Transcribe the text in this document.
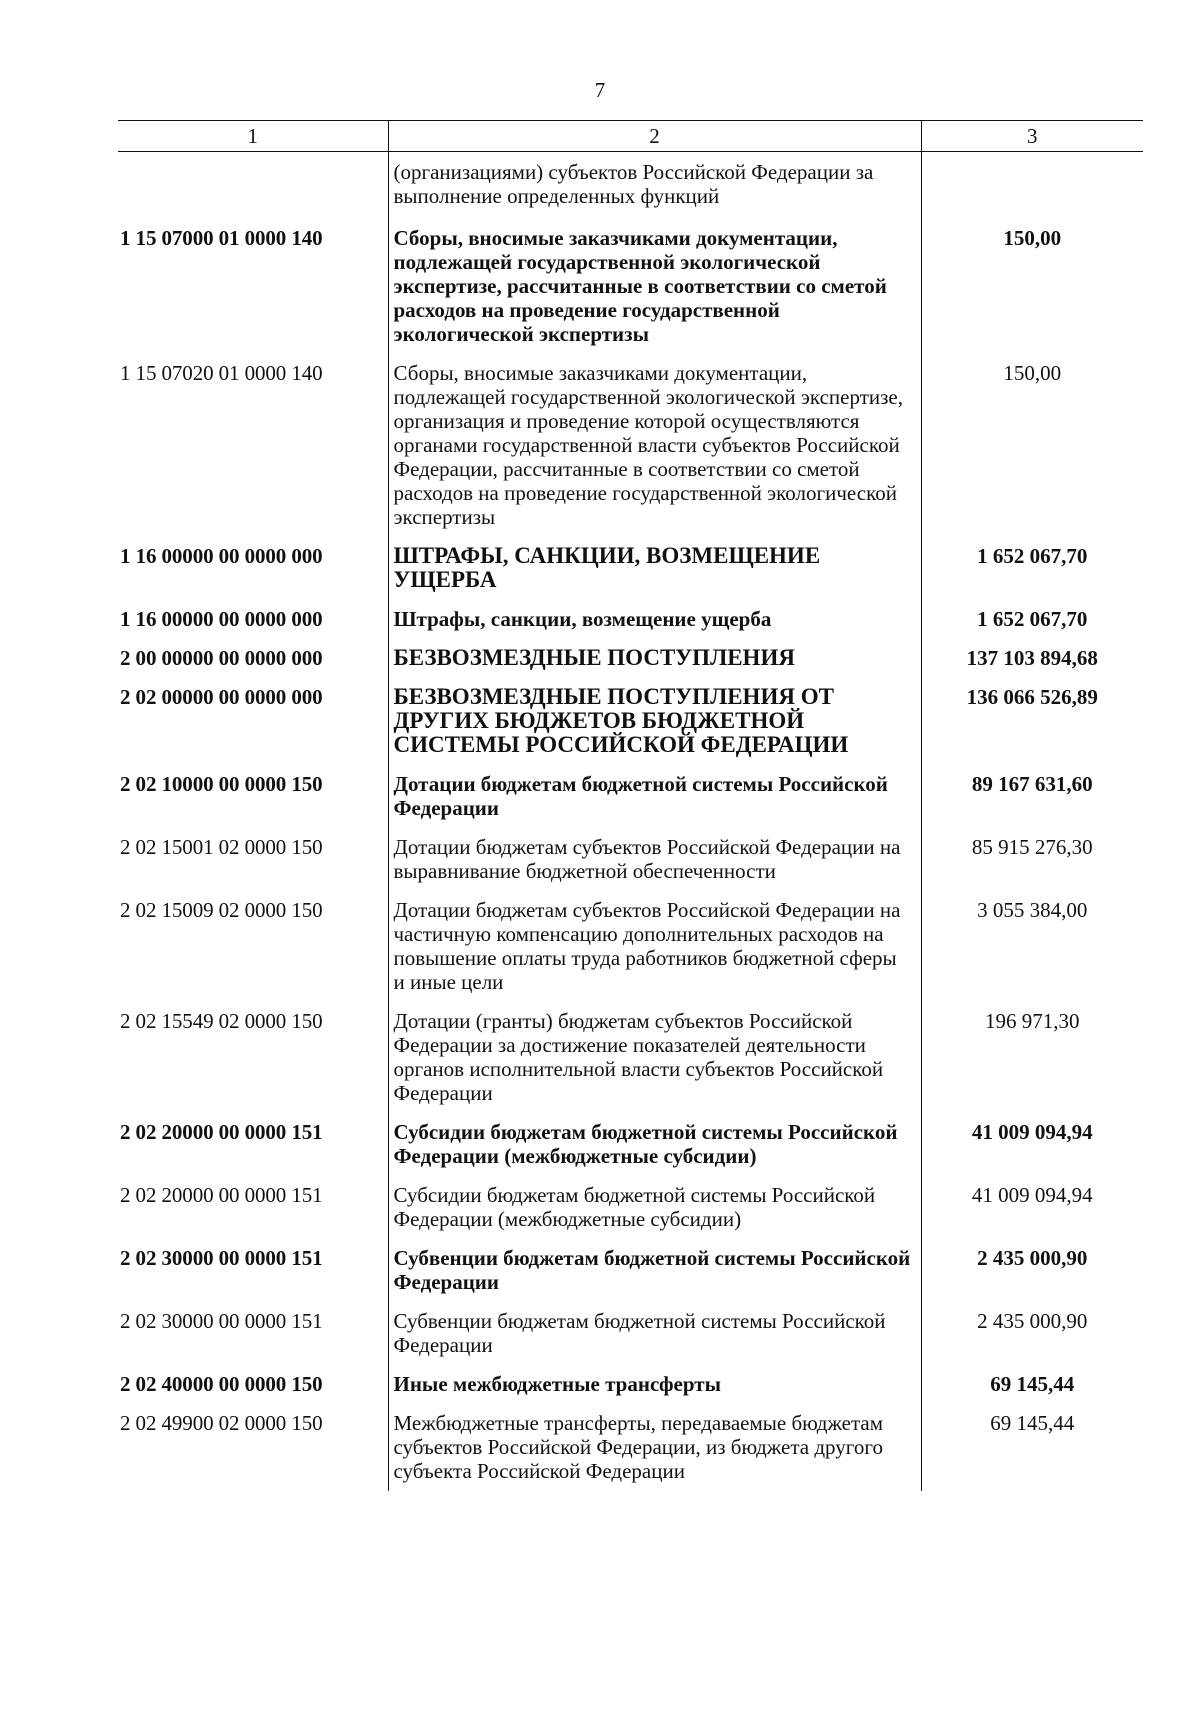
7
1	2	3
	(организациями) субъектов Российской Федерации за выполнение определенных функций	
1 15 07000 01 0000 140	Сборы, вносимые заказчиками документации, подлежащей государственной экологической экспертизе, рассчитанные в соответствии со сметой расходов на проведение государственной экологической экспертизы	150,00
1 15 07020 01 0000 140	Сборы, вносимые заказчиками документации, подлежащей государственной экологической экспертизе, организация и проведение которой осуществляются органами государственной власти субъектов Российской Федерации, рассчитанные в соответствии со сметой расходов на проведение государственной экологической экспертизы	150,00
1 16 00000 00 0000 000	ШТРАФЫ, САНКЦИИ, ВОЗМЕЩЕНИЕ УЩЕРБА	1 652 067,70
1 16 00000 00 0000 000	Штрафы, санкции, возмещение ущерба	1 652 067,70
2 00 00000 00 0000 000	БЕЗВОЗМЕЗДНЫЕ ПОСТУПЛЕНИЯ	137 103 894,68
2 02 00000 00 0000 000	БЕЗВОЗМЕЗДНЫЕ ПОСТУПЛЕНИЯ ОТ ДРУГИХ БЮДЖЕТОВ БЮДЖЕТНОЙ СИСТЕМЫ РОССИЙСКОЙ ФЕДЕРАЦИИ	136 066 526,89
2 02 10000 00 0000 150	Дотации бюджетам бюджетной системы Российской Федерации	89 167 631,60
2 02 15001 02 0000 150	Дотации бюджетам субъектов Российской Федерации на выравнивание бюджетной обеспеченности	85 915 276,30
2 02 15009 02 0000 150	Дотации бюджетам субъектов Российской Федерации на частичную компенсацию дополнительных расходов на повышение оплаты труда работников бюджетной сферы и иные цели	3 055 384,00
2 02 15549 02 0000 150	Дотации (гранты) бюджетам субъектов Российской Федерации за достижение показателей деятельности органов исполнительной власти субъектов Российской Федерации	196 971,30
2 02 20000 00 0000 151	Субсидии бюджетам бюджетной системы Российской Федерации (межбюджетные субсидии)	41 009 094,94
2 02 20000 00 0000 151	Субсидии бюджетам бюджетной системы Российской Федерации (межбюджетные субсидии)	41 009 094,94
2 02 30000 00 0000 151	Субвенции бюджетам бюджетной системы Российской Федерации	2 435 000,90
2 02 30000 00 0000 151	Субвенции бюджетам бюджетной системы Российской Федерации	2 435 000,90
2 02 40000 00 0000 150	Иные межбюджетные трансферты	69 145,44
2 02 49900 02 0000 150	Межбюджетные трансферты, передаваемые бюджетам субъектов Российской Федерации, из бюджета другого субъекта Российской Федерации	69 145,44
